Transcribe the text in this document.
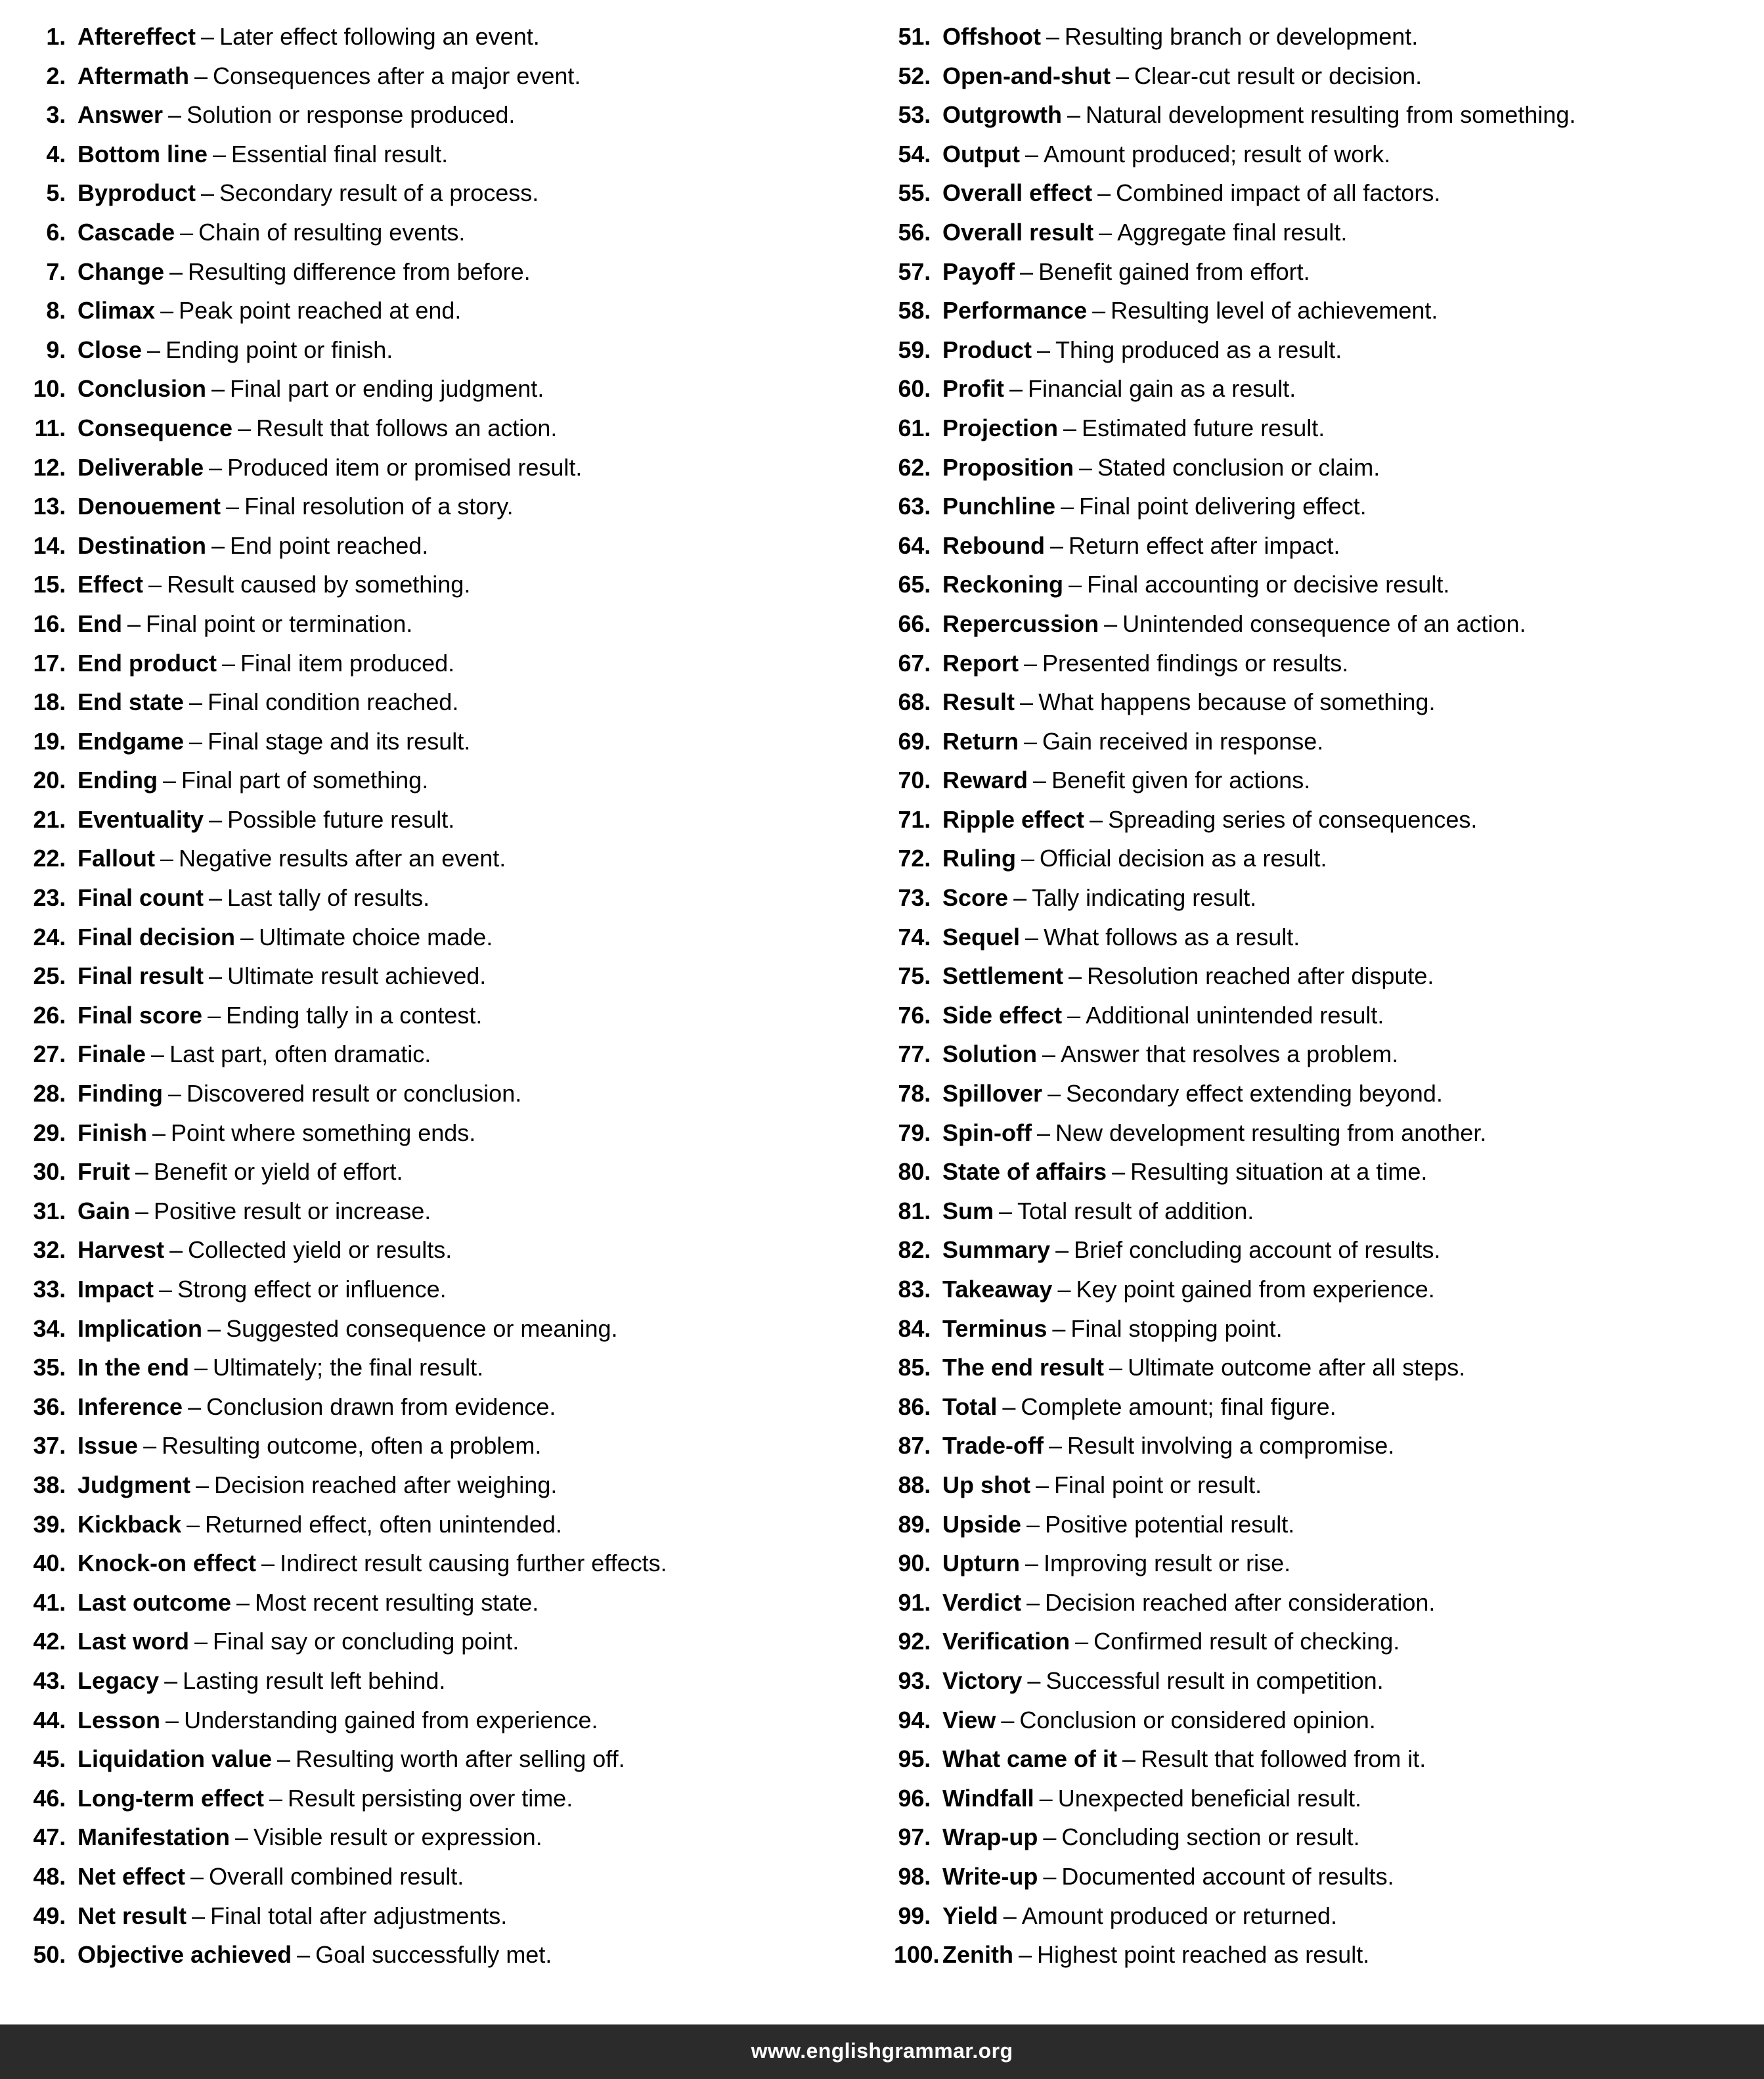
1. Aftereffect – Later effect following an event.
2. Aftermath – Consequences after a major event.
3. Answer – Solution or response produced.
4. Bottom line – Essential final result.
5. Byproduct – Secondary result of a process.
6. Cascade – Chain of resulting events.
7. Change – Resulting difference from before.
8. Climax – Peak point reached at end.
9. Close – Ending point or finish.
10. Conclusion – Final part or ending judgment.
11. Consequence – Result that follows an action.
12. Deliverable – Produced item or promised result.
13. Denouement – Final resolution of a story.
14. Destination – End point reached.
15. Effect – Result caused by something.
16. End – Final point or termination.
17. End product – Final item produced.
18. End state – Final condition reached.
19. Endgame – Final stage and its result.
20. Ending – Final part of something.
21. Eventuality – Possible future result.
22. Fallout – Negative results after an event.
23. Final count – Last tally of results.
24. Final decision – Ultimate choice made.
25. Final result – Ultimate result achieved.
26. Final score – Ending tally in a contest.
27. Finale – Last part, often dramatic.
28. Finding – Discovered result or conclusion.
29. Finish – Point where something ends.
30. Fruit – Benefit or yield of effort.
31. Gain – Positive result or increase.
32. Harvest – Collected yield or results.
33. Impact – Strong effect or influence.
34. Implication – Suggested consequence or meaning.
35. In the end – Ultimately; the final result.
36. Inference – Conclusion drawn from evidence.
37. Issue – Resulting outcome, often a problem.
38. Judgment – Decision reached after weighing.
39. Kickback – Returned effect, often unintended.
40. Knock-on effect – Indirect result causing further effects.
41. Last outcome – Most recent resulting state.
42. Last word – Final say or concluding point.
43. Legacy – Lasting result left behind.
44. Lesson – Understanding gained from experience.
45. Liquidation value – Resulting worth after selling off.
46. Long-term effect – Result persisting over time.
47. Manifestation – Visible result or expression.
48. Net effect – Overall combined result.
49. Net result – Final total after adjustments.
50. Objective achieved – Goal successfully met.
51. Offshoot – Resulting branch or development.
52. Open-and-shut – Clear-cut result or decision.
53. Outgrowth – Natural development resulting from something.
54. Output – Amount produced; result of work.
55. Overall effect – Combined impact of all factors.
56. Overall result – Aggregate final result.
57. Payoff – Benefit gained from effort.
58. Performance – Resulting level of achievement.
59. Product – Thing produced as a result.
60. Profit – Financial gain as a result.
61. Projection – Estimated future result.
62. Proposition – Stated conclusion or claim.
63. Punchline – Final point delivering effect.
64. Rebound – Return effect after impact.
65. Reckoning – Final accounting or decisive result.
66. Repercussion – Unintended consequence of an action.
67. Report – Presented findings or results.
68. Result – What happens because of something.
69. Return – Gain received in response.
70. Reward – Benefit given for actions.
71. Ripple effect – Spreading series of consequences.
72. Ruling – Official decision as a result.
73. Score – Tally indicating result.
74. Sequel – What follows as a result.
75. Settlement – Resolution reached after dispute.
76. Side effect – Additional unintended result.
77. Solution – Answer that resolves a problem.
78. Spillover – Secondary effect extending beyond.
79. Spin-off – New development resulting from another.
80. State of affairs – Resulting situation at a time.
81. Sum – Total result of addition.
82. Summary – Brief concluding account of results.
83. Takeaway – Key point gained from experience.
84. Terminus – Final stopping point.
85. The end result – Ultimate outcome after all steps.
86. Total – Complete amount; final figure.
87. Trade-off – Result involving a compromise.
88. Up shot – Final point or result.
89. Upside – Positive potential result.
90. Upturn – Improving result or rise.
91. Verdict – Decision reached after consideration.
92. Verification – Confirmed result of checking.
93. Victory – Successful result in competition.
94. View – Conclusion or considered opinion.
95. What came of it – Result that followed from it.
96. Windfall – Unexpected beneficial result.
97. Wrap-up – Concluding section or result.
98. Write-up – Documented account of results.
99. Yield – Amount produced or returned.
100. Zenith – Highest point reached as result.
www.englishgrammar.org
